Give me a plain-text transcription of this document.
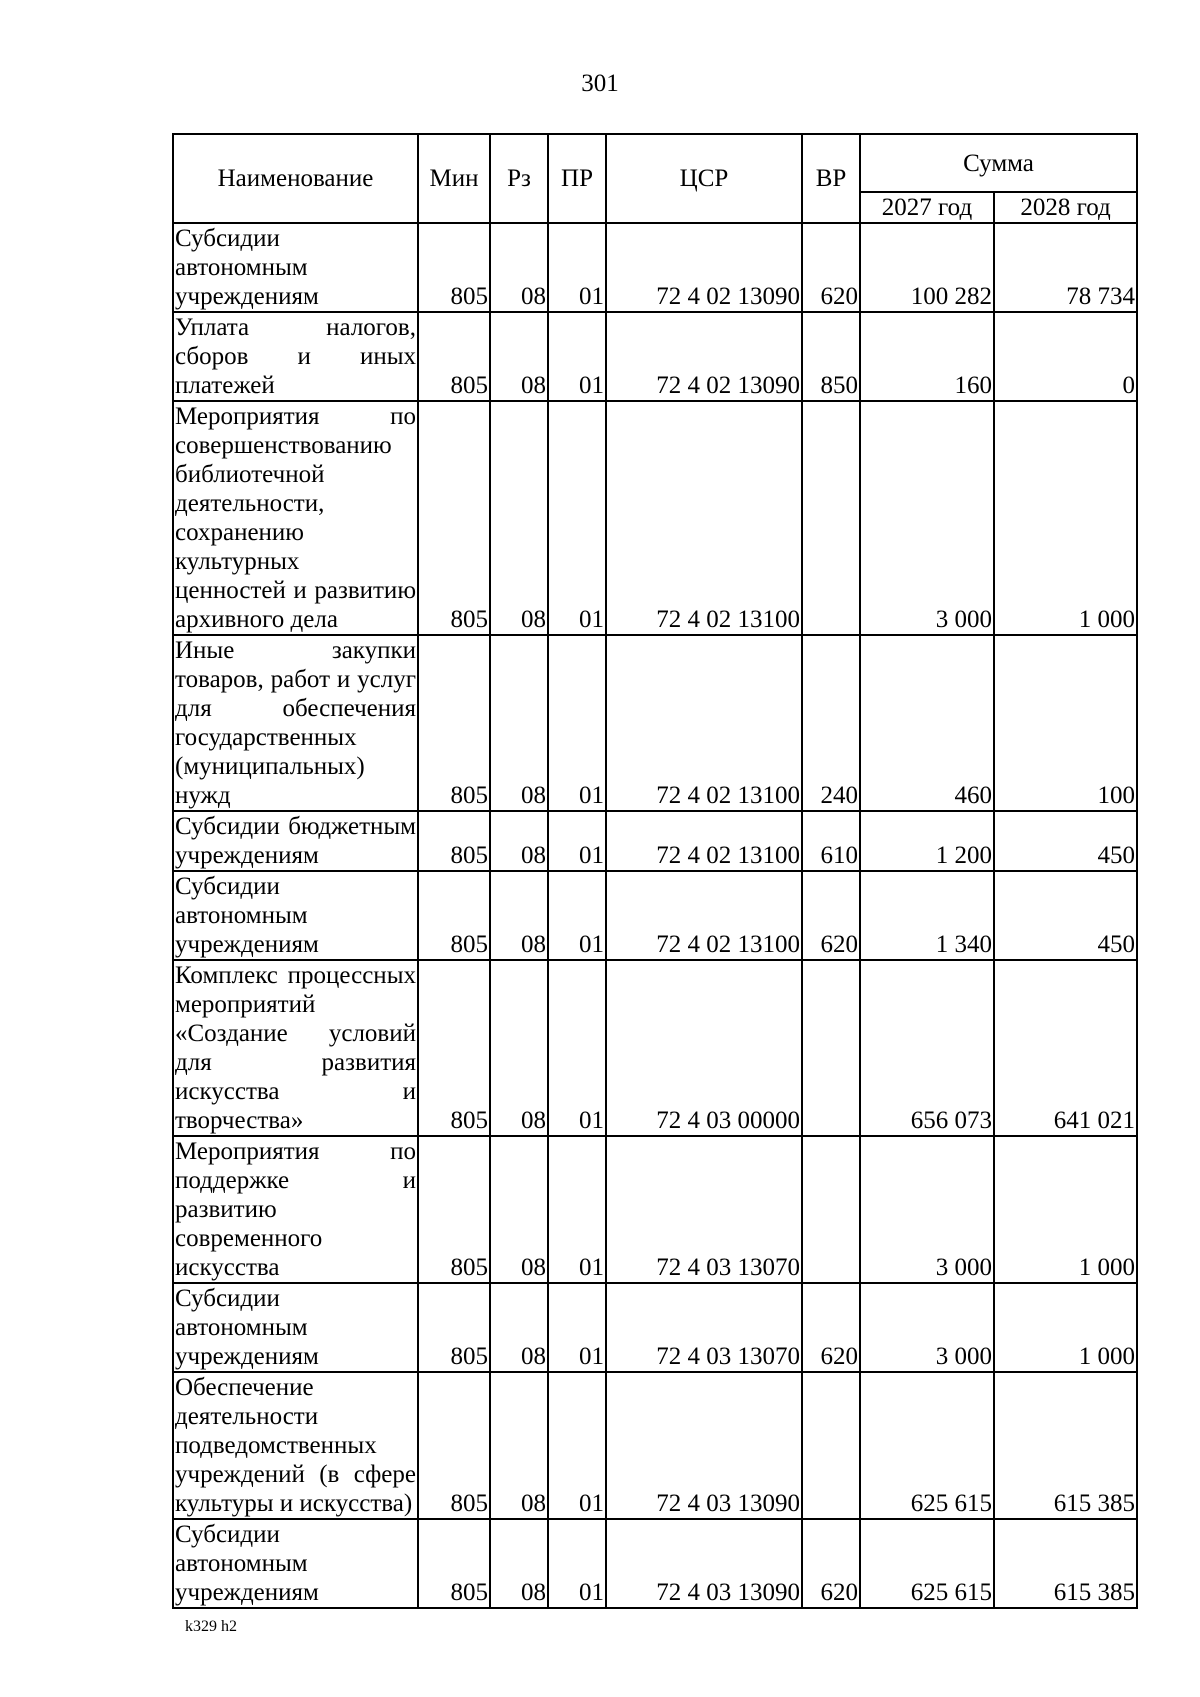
301
Наименование	Мин	Рз	ПР	ЦСР	ВР	Сумма	
						2027 год	2028 год
Субсидии автономным учреждениям	805	08	01	72 4 02 13090	620	100 282	78 734
Уплата налогов, сборов и иных платежей	805	08	01	72 4 02 13090	850	160	0
Мероприятия по совершенствованию библиотечной деятельности, сохранению культурных ценностей и развитию архивного дела	805	08	01	72 4 02 13100		3 000	1 000
Иные закупки товаров, работ и услуг для обеспечения государственных (муниципальных) нужд	805	08	01	72 4 02 13100	240	460	100
Субсидии бюджетным учреждениям	805	08	01	72 4 02 13100	610	1 200	450
Субсидии автономным учреждениям	805	08	01	72 4 02 13100	620	1 340	450
Комплекс процессных мероприятий «Создание условий для развития искусства и творчества»	805	08	01	72 4 03 00000		656 073	641 021
Мероприятия по поддержке и развитию современного искусства	805	08	01	72 4 03 13070		3 000	1 000
Субсидии автономным учреждениям	805	08	01	72 4 03 13070	620	3 000	1 000
Обеспечение деятельности подведомственных учреждений (в сфере культуры и искусства)	805	08	01	72 4 03 13090		625 615	615 385
Субсидии автономным учреждениям	805	08	01	72 4 03 13090	620	625 615	615 385
k329 h2
